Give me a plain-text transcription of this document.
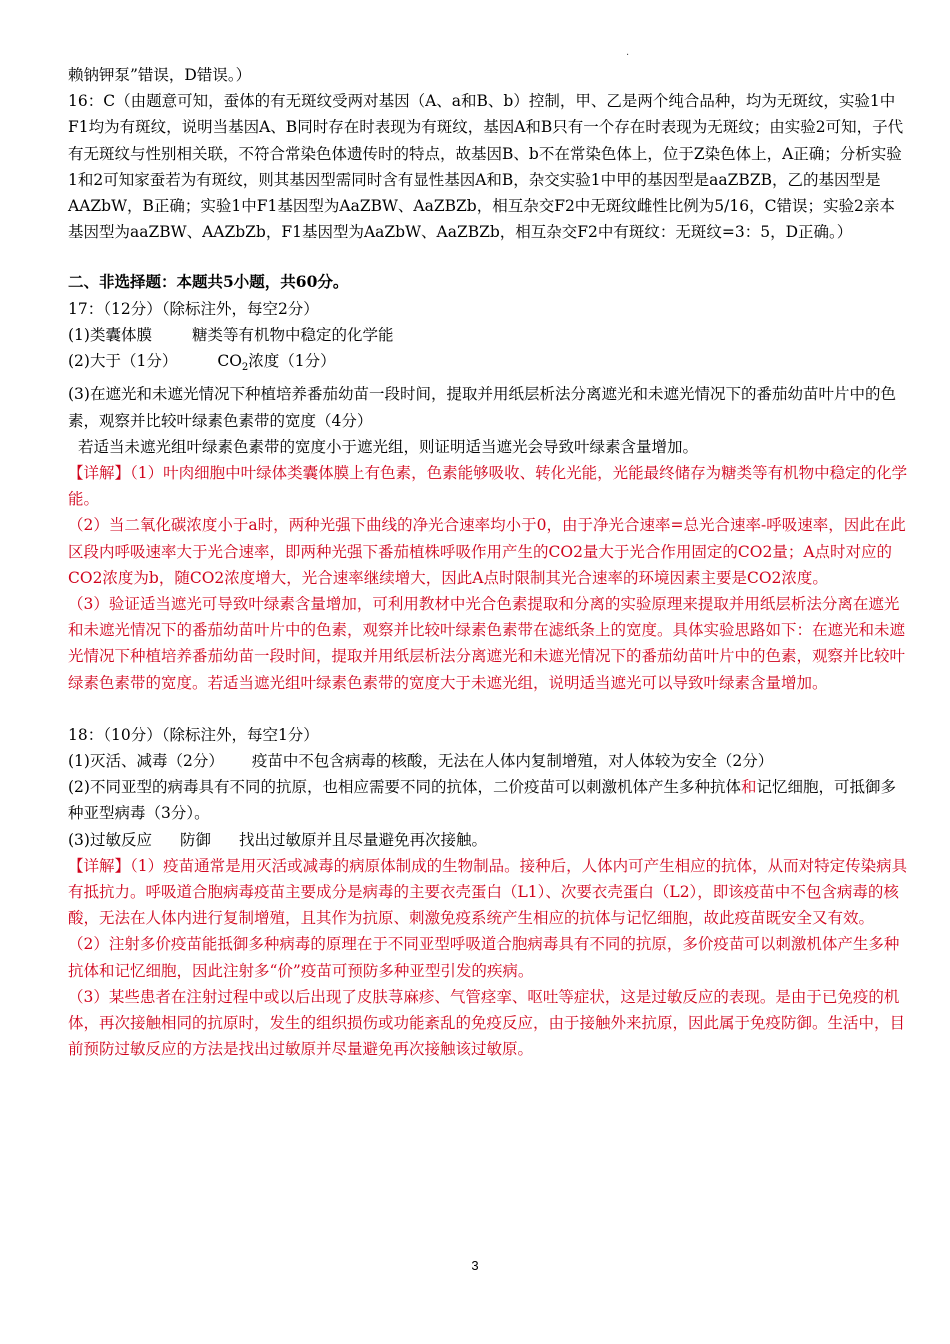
·

赖钠钾泵”错误，D错误。）

16：C（由题意可知，蚕体的有无斑纹受两对基因（A、a和B、b）控制，甲、乙是两个纯合品种，均为无斑纹，实验1中F1均为有斑纹，说明当基因A、B同时存在时表现为有斑纹，基因A和B只有一个存在时表现为无斑纹；由实验2可知，子代有无斑纹与性别相关联，不符合常染色体遗传时的特点，故基因B、b不在常染色体上，位于Z染色体上，A正确；分析实验1和2可知家蚕若为有斑纹，则其基因型需同时含有显性基因A和B，杂交实验1中甲的基因型是aaZBZB，乙的基因型是AAZbW，B正确；实验1中F1基因型为AaZBW、AaZBZb，相互杂交F2中无斑纹雌性比例为5/16，C错误；实验2亲本基因型为aaZBW、AAZbZb，F1基因型为AaZbW、AaZBZb，相互杂交F2中有斑纹：无斑纹=3：5，D正确。）

二、非选择题：本题共5小题，共60分。

17：（12分）（除标注外，每空2分）

(1)类囊体膜	糖类等有机物中稳定的化学能

(2)大于（1分）	$CO_2$浓度（1分）

(3)在遮光和未遮光情况下种植培养番茄幼苗一段时间，提取并用纸层析法分离遮光和未遮光情况下的番茄幼苗叶片中的色素，观察并比较叶绿素色素带的宽度（4分）

若适当未遮光组叶绿素色素带的宽度小于遮光组，则证明适当遮光会导致叶绿素含量增加。

【详解】（1）叶肉细胞中叶绿体类囊体膜上有色素，色素能够吸收、转化光能，光能最终储存为糖类等有机物中稳定的化学能。

（2）当二氧化碳浓度小于a时，两种光强下曲线的净光合速率均小于0，由于净光合速率=总光合速率-呼吸速率，因此在此区段内呼吸速率大于光合速率，即两种光强下番茄植株呼吸作用产生的CO2量大于光合作用固定的CO2量；A点时对应的CO2浓度为b，随CO2浓度增大，光合速率继续增大，因此A点时限制其光合速率的环境因素主要是CO2浓度。

（3）验证适当遮光可导致叶绿素含量增加，可利用教材中光合色素提取和分离的实验原理来提取并用纸层析法分离在遮光和未遮光情况下的番茄幼苗叶片中的色素，观察并比较叶绿素色素带在滤纸条上的宽度。具体实验思路如下：在遮光和未遮光情况下种植培养番茄幼苗一段时间，提取并用纸层析法分离遮光和未遮光情况下的番茄幼苗叶片中的色素，观察并比较叶绿素色素带的宽度。若适当遮光组叶绿素色素带的宽度大于未遮光组，说明适当遮光可以导致叶绿素含量增加。

18：（10分）（除标注外，每空1分）

(1)灭活、减毒（2分） 疫苗中不包含病毒的核酸，无法在人体内复制增殖，对人体较为安全（2分）

(2)不同亚型的病毒具有不同的抗原，也相应需要不同的抗体，二价疫苗可以刺激机体产生多种抗体和记忆细胞，可抵御多种亚型病毒（3分）。

(3)过敏反应 防御 找出过敏原并且尽量避免再次接触。

【详解】（1）疫苗通常是用灭活或减毒的病原体制成的生物制品。接种后，人体内可产生相应的抗体，从而对特定传染病具有抵抗力。呼吸道合胞病毒疫苗主要成分是病毒的主要衣壳蛋白（L1）、次要衣壳蛋白（L2），即该疫苗中不包含病毒的核酸，无法在人体内进行复制增殖，且其作为抗原、刺激免疫系统产生相应的抗体与记忆细胞，故此疫苗既安全又有效。

（2）注射多价疫苗能抵御多种病毒的原理在于不同亚型呼吸道合胞病毒具有不同的抗原，多价疫苗可以刺激机体产生多种抗体和记忆细胞，因此注射多“价”疫苗可预防多种亚型引发的疾病。

（3）某些患者在注射过程中或以后出现了皮肤荨麻疹、气管痉挛、呕吐等症状，这是过敏反应的表现。是由于已免疫的机体，再次接触相同的抗原时，发生的组织损伤或功能紊乱的免疫反应，由于接触外来抗原，因此属于免疫防御。生活中，目前预防过敏反应的方法是找出过敏原并尽量避免再次接触该过敏原。

3
